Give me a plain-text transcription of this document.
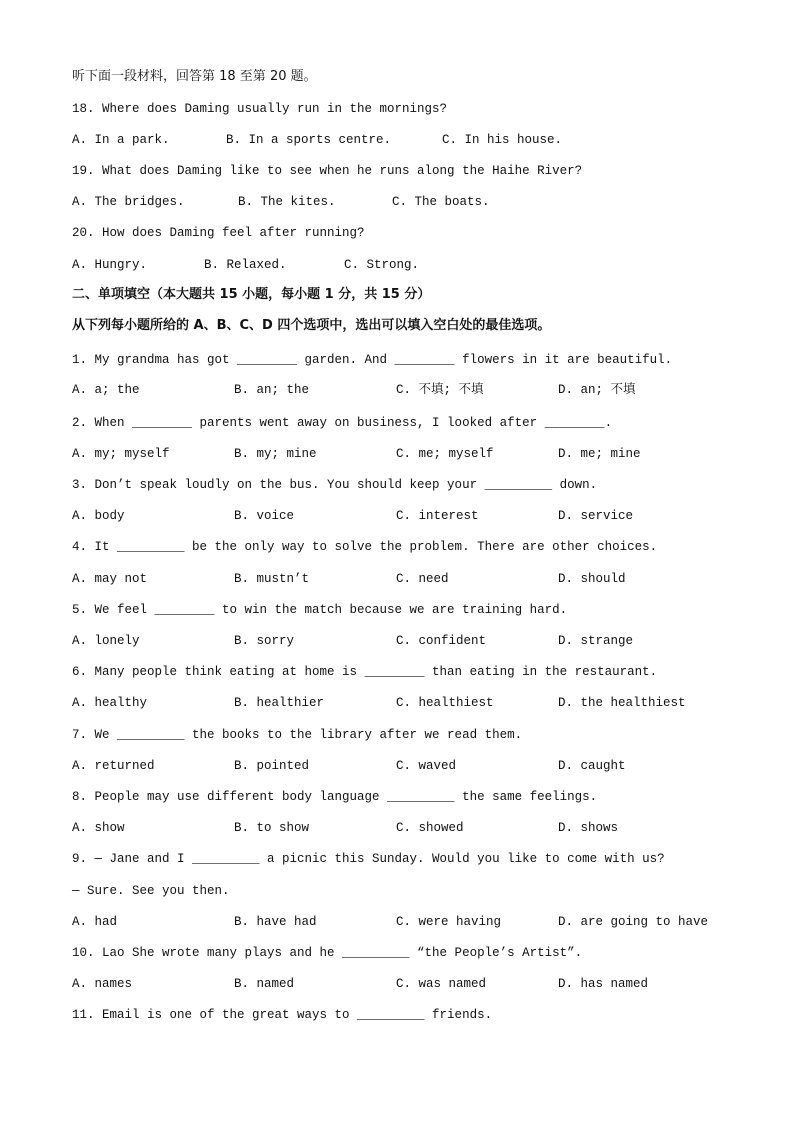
听下面一段材料，回答第 18 至第 20 题。
18. Where does Daming usually run in the mornings?
A. In a park.	B. In a sports centre.	C. In his house.
19. What does Daming like to see when he runs along the Haihe River?
A. The bridges.	B. The kites.	C. The boats.
20. How does Daming feel after running?
A. Hungry.	B. Relaxed.	C. Strong.
二、单项填空（本大题共 15 小题，每小题 1 分，共 15 分）
从下列每小题所给的 A、B、C、D 四个选项中，选出可以填入空白处的最佳选项。
1. My grandma has got ________ garden. And ________ flowers in it are beautiful.
A. a; the	B. an; the	C. 不填; 不填	D. an; 不填
2. When ________ parents went away on business, I looked after ________.
A. my; myself	B. my; mine	C. me; myself	D. me; mine
3. Don’t speak loudly on the bus. You should keep your _________ down.
A. body	B. voice	C. interest	D. service
4. It _________ be the only way to solve the problem. There are other choices.
A. may not	B. mustn’t	C. need	D. should
5. We feel ________ to win the match because we are training hard.
A. lonely	B. sorry	C. confident	D. strange
6. Many people think eating at home is ________ than eating in the restaurant.
A. healthy	B. healthier	C. healthiest	D. the healthiest
7. We _________ the books to the library after we read them.
A. returned	B. pointed	C. waved	D. caught
8. People may use different body language _________ the same feelings.
A. show	B. to show	C. showed	D. shows
9. — Jane and I _________ a picnic this Sunday. Would you like to come with us?
— Sure. See you then.
A. had	B. have had	C. were having	D. are going to have
10. Lao She wrote many plays and he _________ “the People’s Artist”.
A. names	B. named	C. was named	D. has named
11. Email is one of the great ways to _________ friends.
